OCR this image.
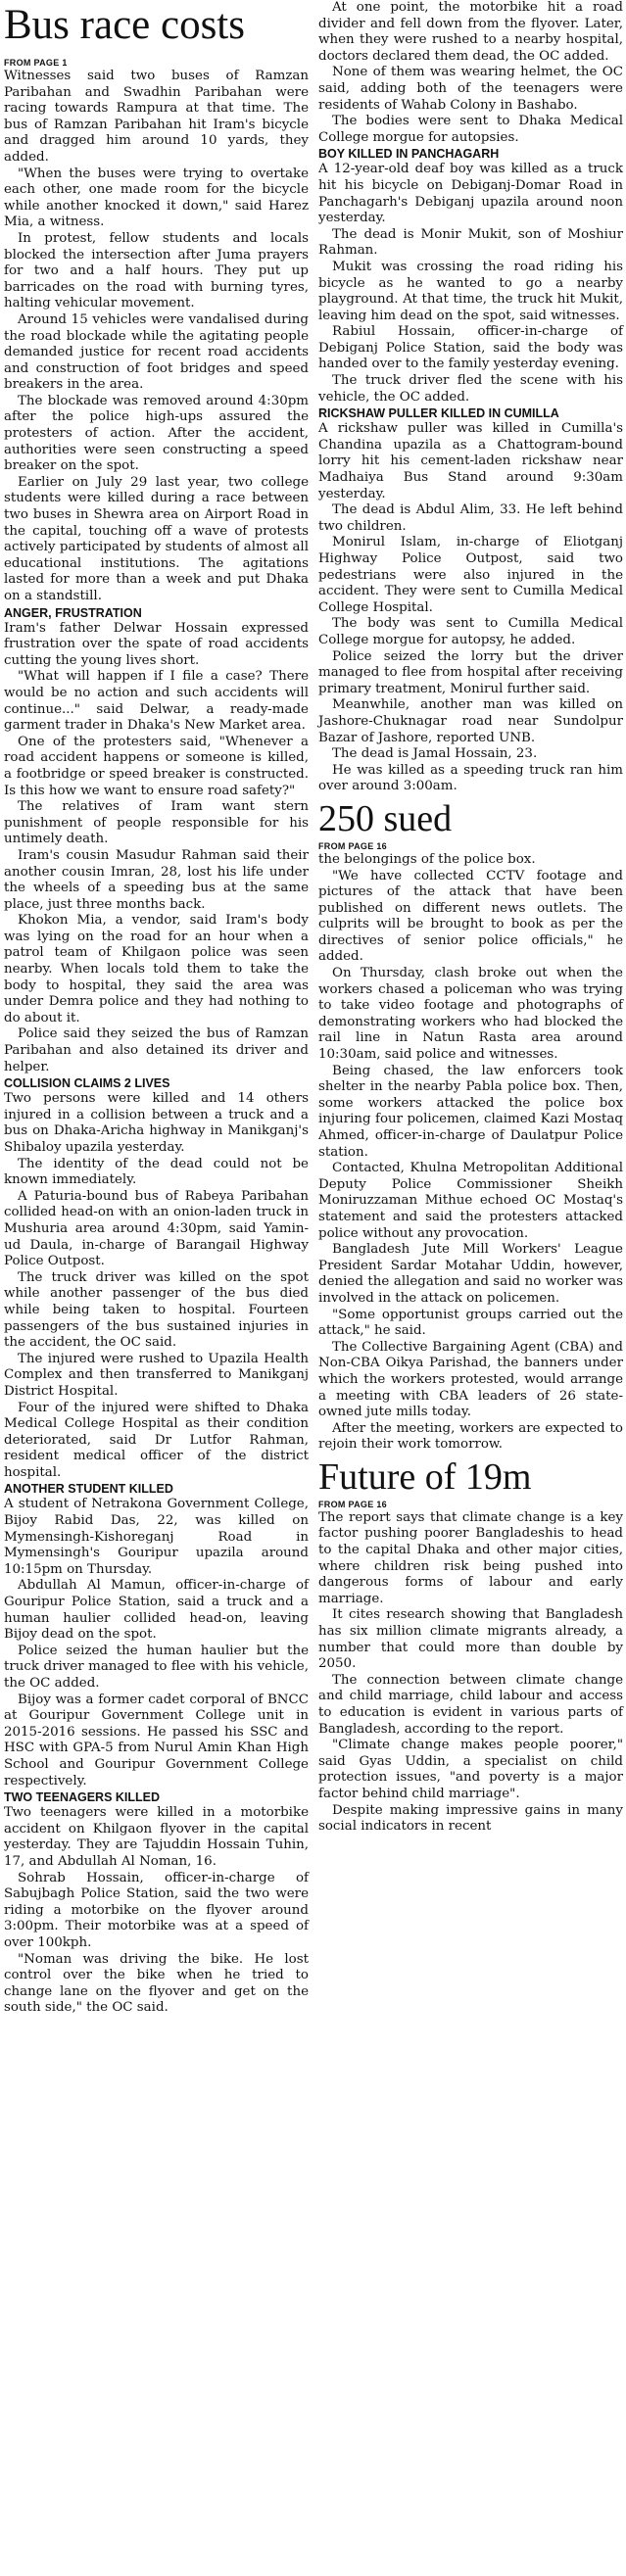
Bus race costs
FROM PAGE 1

Witnesses said two buses of Ramzan Paribahan and Swadhin Paribahan were racing towards Rampura at that time. The bus of Ramzan Paribahan hit Iram's bicycle and dragged him around 10 yards, they added.

"When the buses were trying to overtake each other, one made room for the bicycle while another knocked it down," said Harez Mia, a witness.

In protest, fellow students and locals blocked the intersection after Juma prayers for two and a half hours. They put up barricades on the road with burning tyres, halting vehicular movement.

Around 15 vehicles were vandalised during the road blockade while the agitating people demanded justice for recent road accidents and construction of foot bridges and speed breakers in the area.

The blockade was removed around 4:30pm after the police high-ups assured the protesters of action. After the accident, authorities were seen constructing a speed breaker on the spot.

Earlier on July 29 last year, two college students were killed during a race between two buses in Shewra area on Airport Road in the capital, touching off a wave of protests actively participated by students of almost all educational institutions. The agitations lasted for more than a week and put Dhaka on a standstill.

ANGER, FRUSTRATION

Iram's father Delwar Hossain expressed frustration over the spate of road accidents cutting the young lives short.

"What will happen if I file a case? There would be no action and such accidents will continue..." said Delwar, a ready-made garment trader in Dhaka's New Market area.

One of the protesters said, "Whenever a road accident happens or someone is killed, a footbridge or speed breaker is constructed. Is this how we want to ensure road safety?"

The relatives of Iram want stern punishment of people responsible for his untimely death.

Iram's cousin Masudur Rahman said their another cousin Imran, 28, lost his life under the wheels of a speeding bus at the same place, just three months back.

Khokon Mia, a vendor, said Iram's body was lying on the road for an hour when a patrol team of Khilgaon police was seen nearby. When locals told them to take the body to hospital, they said the area was under Demra police and they had nothing to do about it.

Police said they seized the bus of Ramzan Paribahan and also detained its driver and helper.

COLLISION CLAIMS 2 LIVES

Two persons were killed and 14 others injured in a collision between a truck and a bus on Dhaka-Aricha highway in Manikganj's Shibaloy upazila yesterday.

The identity of the dead could not be known immediately.

A Paturia-bound bus of Rabeya Paribahan collided head-on with an onion-laden truck in Mushuria area around 4:30pm, said Yamin-ud Daula, in-charge of Barangail Highway Police Outpost.

The truck driver was killed on the spot while another passenger of the bus died while being taken to hospital. Fourteen passengers of the bus sustained injuries in the accident, the OC said.

The injured were rushed to Upazila Health Complex and then transferred to Manikganj District Hospital.

Four of the injured were shifted to Dhaka Medical College Hospital as their condition deteriorated, said Dr Lutfor Rahman, resident medical officer of the district hospital.

ANOTHER STUDENT KILLED

A student of Netrakona Government College, Bijoy Rabid Das, 22, was killed on Mymensingh-Kishoreganj Road in Mymensingh's Gouripur upazila around 10:15pm on Thursday.

Abdullah Al Mamun, officer-in-charge of Gouripur Police Station, said a truck and a human haulier collided head-on, leaving Bijoy dead on the spot.

Police seized the human haulier but the truck driver managed to flee with his vehicle, the OC added.

Bijoy was a former cadet corporal of BNCC at Gouripur Government College unit in 2015-2016 sessions. He passed his SSC and HSC with GPA-5 from Nurul Amin Khan High School and Gouripur Government College respectively.

TWO TEENAGERS KILLED

Two teenagers were killed in a motorbike accident on Khilgaon flyover in the capital yesterday. They are Tajuddin Hossain Tuhin, 17, and Abdullah Al Noman, 16.

Sohrab Hossain, officer-in-charge of Sabujbagh Police Station, said the two were riding a motorbike on the flyover around 3:00pm. Their motorbike was at a speed of over 100kph.

"Noman was driving the bike. He lost control over the bike when he tried to change lane on the flyover and get on the south side," the OC said.

At one point, the motorbike hit a road divider and fell down from the flyover. Later, when they were rushed to a nearby hospital, doctors declared them dead, the OC added.

None of them was wearing helmet, the OC said, adding both of the teenagers were residents of Wahab Colony in Bashabo.

The bodies were sent to Dhaka Medical College morgue for autopsies.

BOY KILLED IN PANCHAGARH

A 12-year-old deaf boy was killed as a truck hit his bicycle on Debiganj-Domar Road in Panchagarh's Debiganj upazila around noon yesterday.

The dead is Monir Mukit, son of Moshiur Rahman.

Mukit was crossing the road riding his bicycle as he wanted to go a nearby playground. At that time, the truck hit Mukit, leaving him dead on the spot, said witnesses.

Rabiul Hossain, officer-in-charge of Debiganj Police Station, said the body was handed over to the family yesterday evening.

The truck driver fled the scene with his vehicle, the OC added.

RICKSHAW PULLER KILLED IN CUMILLA

A rickshaw puller was killed in Cumilla's Chandina upazila as a Chattogram-bound lorry hit his cement-laden rickshaw near Madhaiya Bus Stand around 9:30am yesterday.

The dead is Abdul Alim, 33. He left behind two children.

Monirul Islam, in-charge of Eliotganj Highway Police Outpost, said two pedestrians were also injured in the accident. They were sent to Cumilla Medical College Hospital.

The body was sent to Cumilla Medical College morgue for autopsy, he added.

Police seized the lorry but the driver managed to flee from hospital after receiving primary treatment, Monirul further said.

Meanwhile, another man was killed on Jashore-Chuknagar road near Sundolpur Bazar of Jashore, reported UNB.

The dead is Jamal Hossain, 23.

He was killed as a speeding truck ran him over around 3:00am.

250 sued
FROM PAGE 16

the belongings of the police box.

"We have collected CCTV footage and pictures of the attack that have been published on different news outlets. The culprits will be brought to book as per the directives of senior police officials," he added.

On Thursday, clash broke out when the workers chased a policeman who was trying to take video footage and photographs of demonstrating workers who had blocked the rail line in Natun Rasta area around 10:30am, said police and witnesses.

Being chased, the law enforcers took shelter in the nearby Pabla police box. Then, some workers attacked the police box injuring four policemen, claimed Kazi Mostaq Ahmed, officer-in-charge of Daulatpur Police station.

Contacted, Khulna Metropolitan Additional Deputy Police Commissioner Sheikh Moniruzzaman Mithue echoed OC Mostaq's statement and said the protesters attacked police without any provocation.

Bangladesh Jute Mill Workers' League President Sardar Motahar Uddin, however, denied the allegation and said no worker was involved in the attack on policemen.

"Some opportunist groups carried out the attack," he said.

The Collective Bargaining Agent (CBA) and Non-CBA Oikya Parishad, the banners under which the workers protested, would arrange a meeting with CBA leaders of 26 state-owned jute mills today.

After the meeting, workers are expected to rejoin their work tomorrow.

Future of 19m
FROM PAGE 16

The report says that climate change is a key factor pushing poorer Bangladeshis to head to the capital Dhaka and other major cities, where children risk being pushed into dangerous forms of labour and early marriage.

It cites research showing that Bangladesh has six million climate migrants already, a number that could more than double by 2050.

The connection between climate change and child marriage, child labour and access to education is evident in various parts of Bangladesh, according to the report.

"Climate change makes people poorer," said Gyas Uddin, a specialist on child protection issues, "and poverty is a major factor behind child marriage".

Despite making impressive gains in many social indicators in recent
